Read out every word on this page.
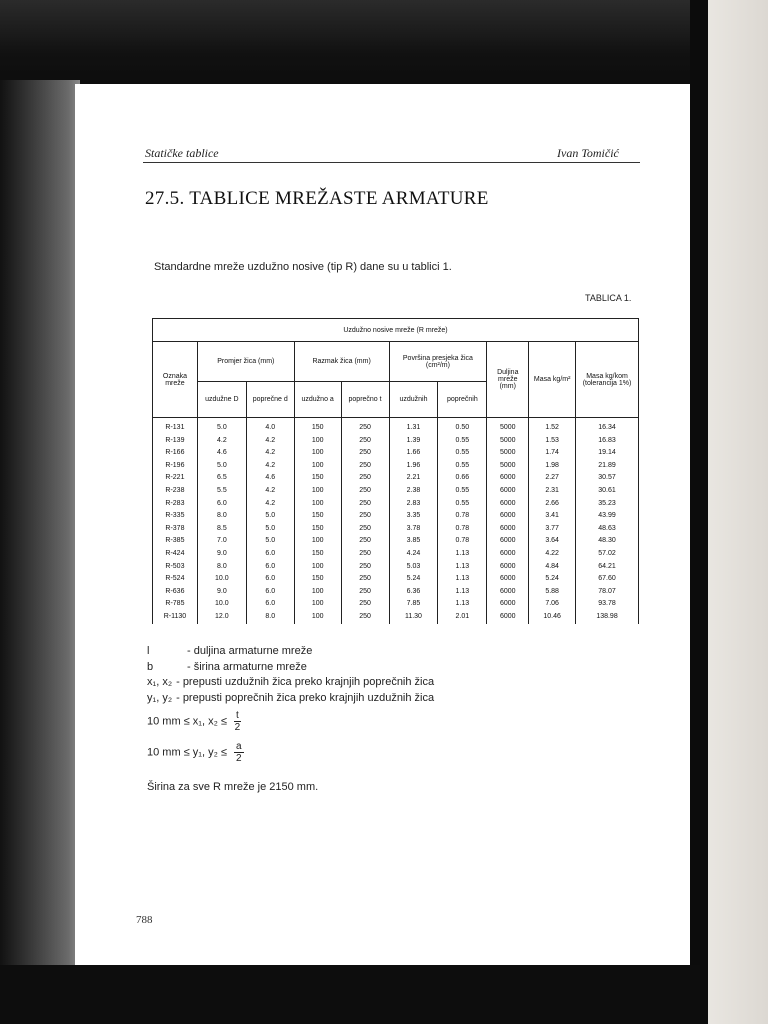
Statičke tablice	Ivan Tomičić
27.5. TABLICE MREŽASTE ARMATURE
Standardne mreže uzdužno nosive (tip R) dane su u tablici 1.
TABLICA 1.
Uzdužno nosive mreže (R mreže)									
Oznaka mreže	Promjer žica (mm)		Razmak žica (mm)		Površina presjeka žica (cm²/m)		Duljina mreže (mm)	Masa kg/m²	Masa kg/kom (tolerancija 1%)
	uzdužne D	poprečne d	uzdužno a	poprečno t	uzdužnih	poprečnih			
R-131	5.0	4.0	150	250	1.31	0.50	5000	1.52	16.34
R-139	4.2	4.2	100	250	1.39	0.55	5000	1.53	16.83
R-166	4.6	4.2	100	250	1.66	0.55	5000	1.74	19.14
R-196	5.0	4.2	100	250	1.96	0.55	5000	1.98	21.89
R-221	6.5	4.6	150	250	2.21	0.66	6000	2.27	30.57
R-238	5.5	4.2	100	250	2.38	0.55	6000	2.31	30.61
R-283	6.0	4.2	100	250	2.83	0.55	6000	2.66	35.23
R-335	8.0	5.0	150	250	3.35	0.78	6000	3.41	43.99
R-378	8.5	5.0	150	250	3.78	0.78	6000	3.77	48.63
R-385	7.0	5.0	100	250	3.85	0.78	6000	3.64	48.30
R-424	9.0	6.0	150	250	4.24	1.13	6000	4.22	57.02
R-503	8.0	6.0	100	250	5.03	1.13	6000	4.84	64.21
R-524	10.0	6.0	150	250	5.24	1.13	6000	5.24	67.60
R-636	9.0	6.0	100	250	6.36	1.13	6000	5.88	78.07
R-785	10.0	6.0	100	250	7.85	1.13	6000	7.06	93.78
R-1130	12.0	8.0	100	250	11.30	2.01	6000	10.46	138.98
l	- duljina armaturne mreže
b	- širina armaturne mreže
x₁, x₂ - prepusti uzdužnih žica preko krajnjih poprečnih žica
y₁, y₂ - prepusti poprečnih žica preko krajnjih uzdužnih žica
10 mm ≤ x₁, $x_2 \le \frac{t}{2}$
10 mm ≤ y₁, $y_2 \le \frac{a}{2}$
Širina za sve R mreže je 2150 mm.
788
